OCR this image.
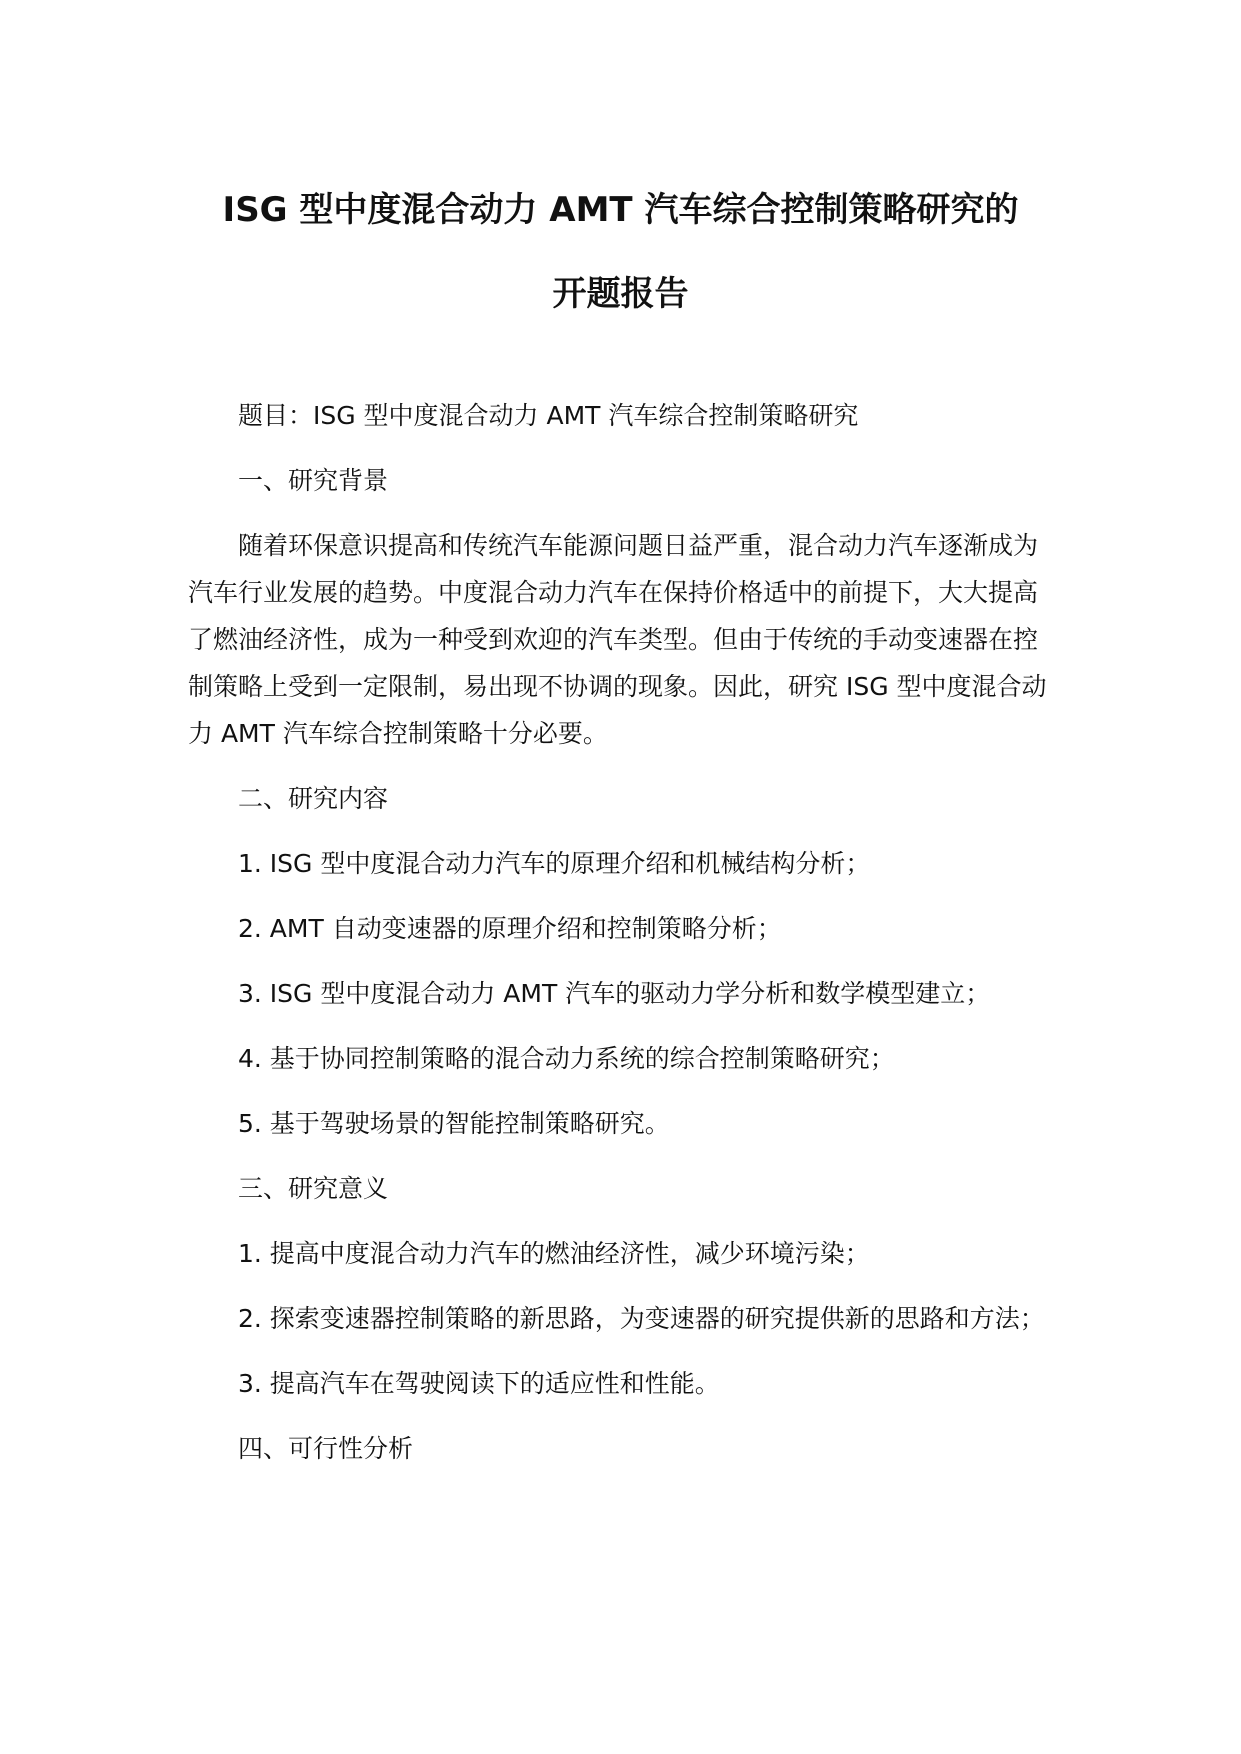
ISG 型中度混合动力 AMT 汽车综合控制策略研究的
开题报告

题目：ISG 型中度混合动力 AMT 汽车综合控制策略研究

一、研究背景

随着环保意识提高和传统汽车能源问题日益严重，混合动力汽车逐渐成为汽车行业发展的趋势。中度混合动力汽车在保持价格适中的前提下，大大提高了燃油经济性，成为一种受到欢迎的汽车类型。但由于传统的手动变速器在控制策略上受到一定限制，易出现不协调的现象。因此，研究 ISG 型中度混合动力 AMT 汽车综合控制策略十分必要。

二、研究内容

1. ISG 型中度混合动力汽车的原理介绍和机械结构分析；

2. AMT 自动变速器的原理介绍和控制策略分析；

3. ISG 型中度混合动力 AMT 汽车的驱动力学分析和数学模型建立；

4. 基于协同控制策略的混合动力系统的综合控制策略研究；

5. 基于驾驶场景的智能控制策略研究。

三、研究意义

1. 提高中度混合动力汽车的燃油经济性，减少环境污染；

2. 探索变速器控制策略的新思路，为变速器的研究提供新的思路和方法；

3. 提高汽车在驾驶阅读下的适应性和性能。

四、可行性分析
